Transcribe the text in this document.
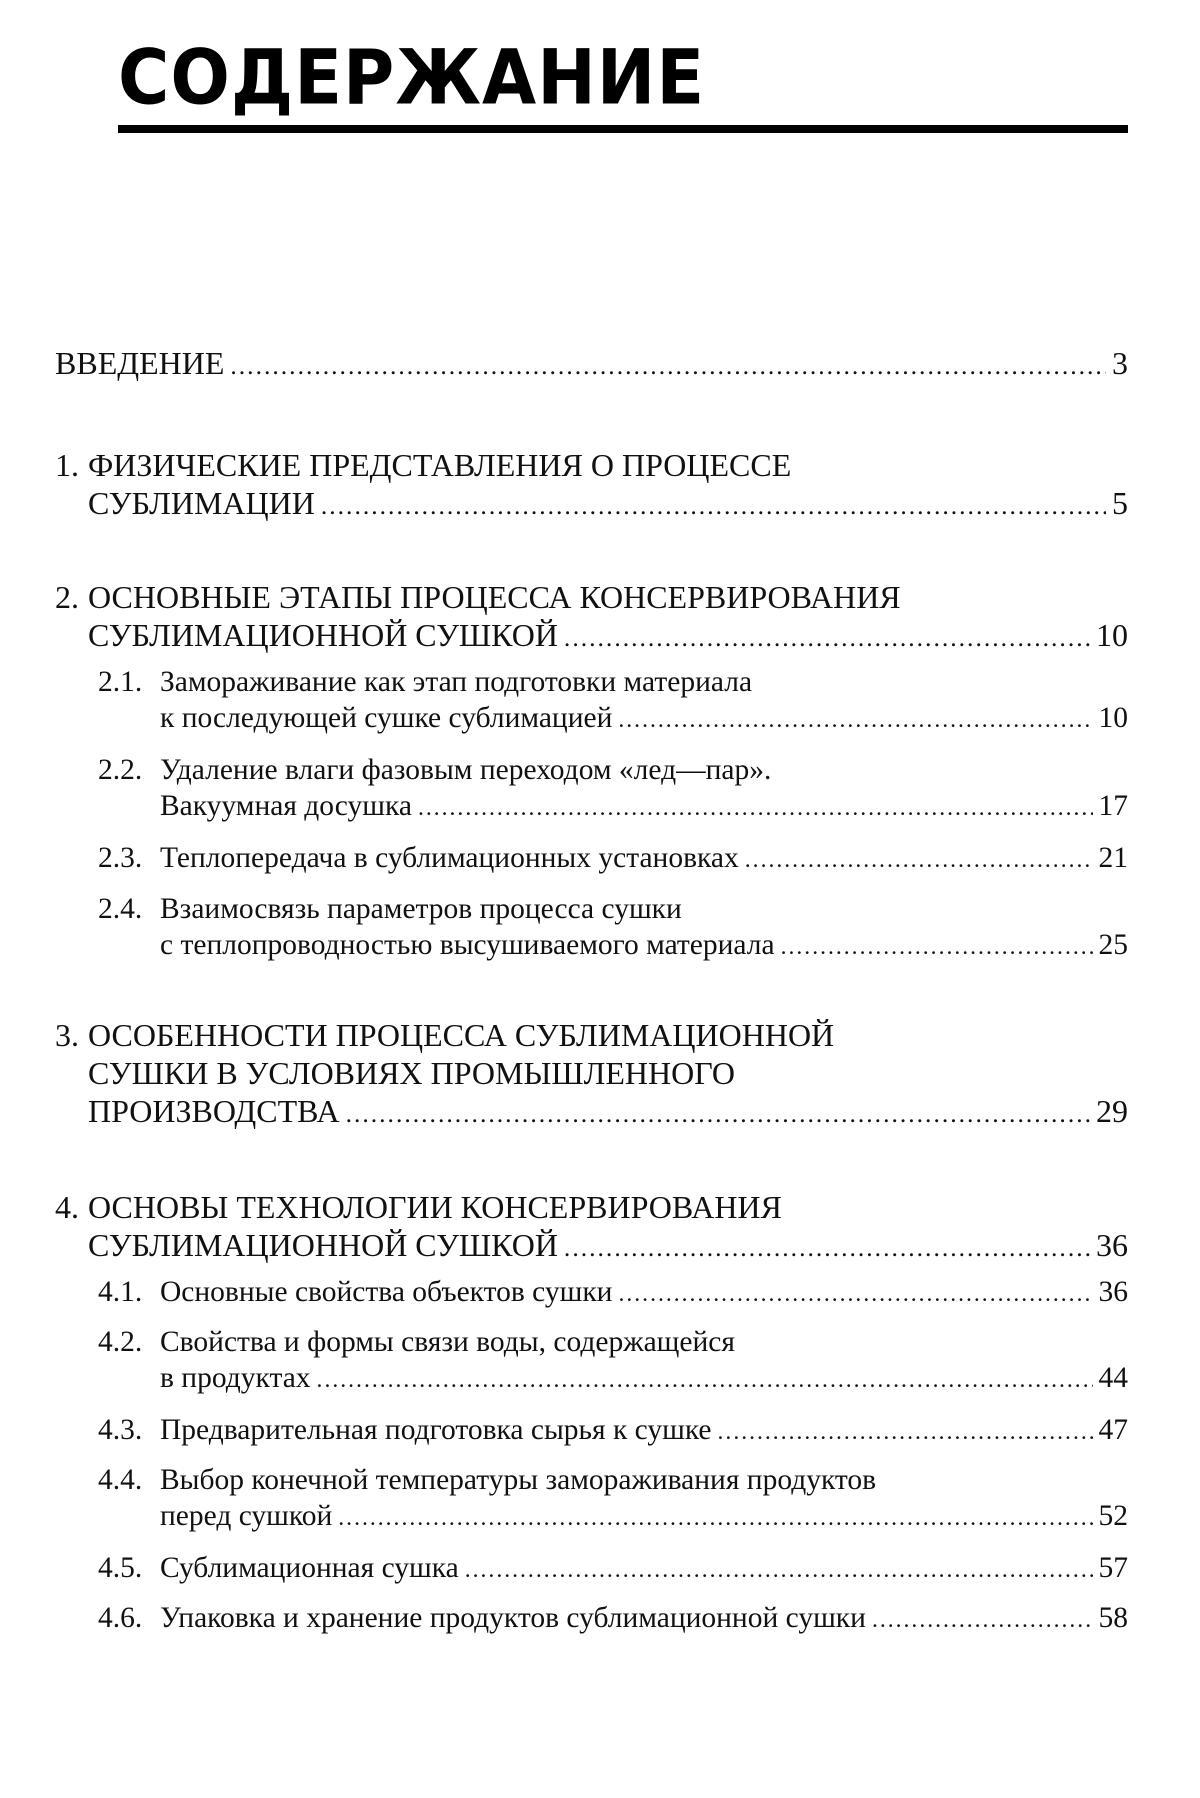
СОДЕРЖАНИЕ
ВВЕДЕНИЕ
.....	3
1. ФИЗИЧЕСКИЕ ПРЕДСТАВЛЕНИЯ О ПРОЦЕССЕ
СУБЛИМАЦИИ
.....	5
2. ОСНОВНЫЕ ЭТАПЫ ПРОЦЕССА КОНСЕРВИРОВАНИЯ
СУБЛИМАЦИОННОЙ СУШКОЙ
.....	10
2.1. Замораживание как этап подготовки материала
к последующей сушке сублимацией
.....	10
2.2. Удаление влаги фазовым переходом «лед—пар».
Вакуумная досушка
.....	17
2.3. Теплопередача в сублимационных установках
.....	21
2.4. Взаимосвязь параметров процесса сушки
с теплопроводностью высушиваемого материала
.....	25
3. ОСОБЕННОСТИ ПРОЦЕССА СУБЛИМАЦИОННОЙ
СУШКИ В УСЛОВИЯХ ПРОМЫШЛЕННОГО
ПРОИЗВОДСТВА
.....	29
4. ОСНОВЫ ТЕХНОЛОГИИ КОНСЕРВИРОВАНИЯ
СУБЛИМАЦИОННОЙ СУШКОЙ
.....	36
4.1. Основные свойства объектов сушки
.....	36
4.2. Свойства и формы связи воды, содержащейся
в продуктах
.....	44
4.3. Предварительная подготовка сырья к сушке
.....	47
4.4. Выбор конечной температуры замораживания продуктов
перед сушкой
.....	52
4.5. Сублимационная сушка
.....	57
4.6. Упаковка и хранение продуктов сублимационной сушки
.....	58
